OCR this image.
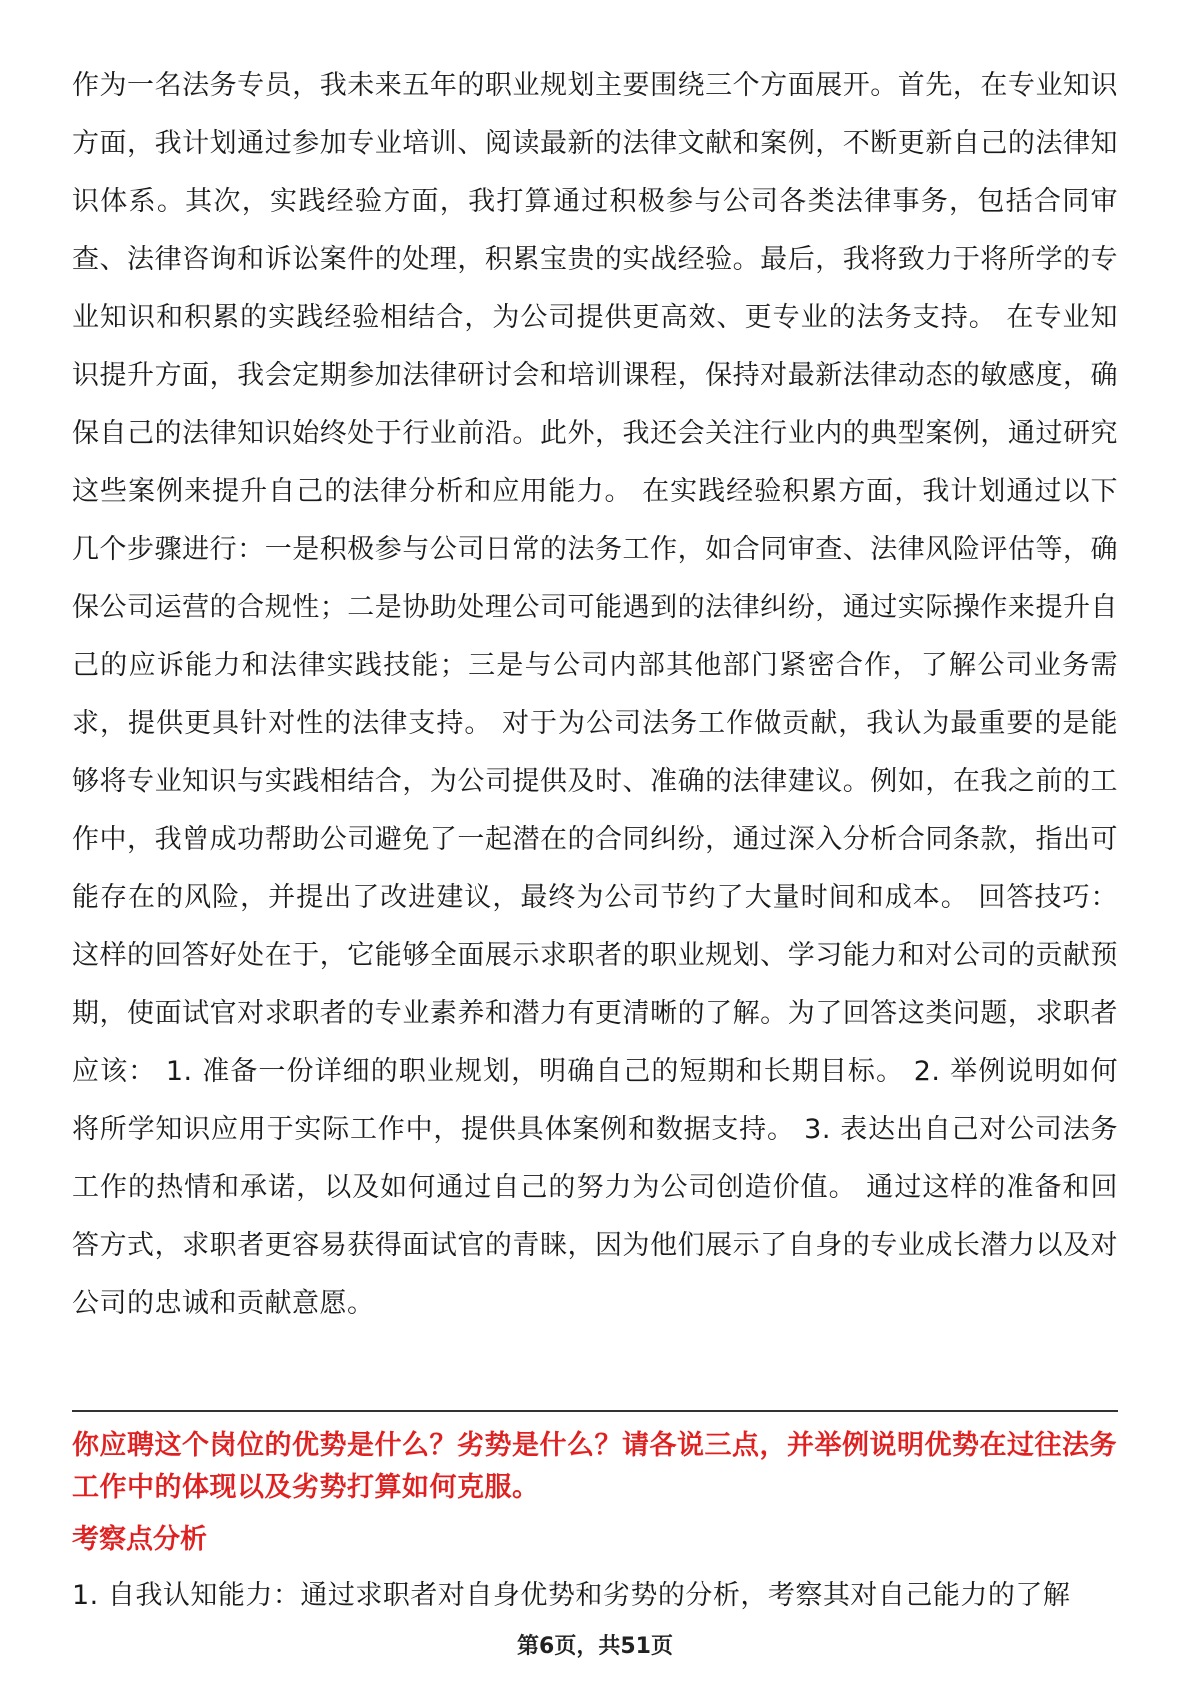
作为一名法务专员，我未来五年的职业规划主要围绕三个方面展开。首先，在专业知识方面，我计划通过参加专业培训、阅读最新的法律文献和案例，不断更新自己的法律知识体系。其次，实践经验方面，我打算通过积极参与公司各类法律事务，包括合同审查、法律咨询和诉讼案件的处理，积累宝贵的实战经验。最后，我将致力于将所学的专业知识和积累的实践经验相结合，为公司提供更高效、更专业的法务支持。 在专业知识提升方面，我会定期参加法律研讨会和培训课程，保持对最新法律动态的敏感度，确保自己的法律知识始终处于行业前沿。此外，我还会关注行业内的典型案例，通过研究这些案例来提升自己的法律分析和应用能力。 在实践经验积累方面，我计划通过以下几个步骤进行：一是积极参与公司日常的法务工作，如合同审查、法律风险评估等，确保公司运营的合规性；二是协助处理公司可能遇到的法律纠纷，通过实际操作来提升自己的应诉能力和法律实践技能；三是与公司内部其他部门紧密合作，了解公司业务需求，提供更具针对性的法律支持。 对于为公司法务工作做贡献，我认为最重要的是能够将专业知识与实践相结合，为公司提供及时、准确的法律建议。例如，在我之前的工作中，我曾成功帮助公司避免了一起潜在的合同纠纷，通过深入分析合同条款，指出可能存在的风险，并提出了改进建议，最终为公司节约了大量时间和成本。 回答技巧： 这样的回答好处在于，它能够全面展示求职者的职业规划、学习能力和对公司的贡献预期，使面试官对求职者的专业素养和潜力有更清晰的了解。为了回答这类问题，求职者应该： 1. 准备一份详细的职业规划，明确自己的短期和长期目标。 2. 举例说明如何将所学知识应用于实际工作中，提供具体案例和数据支持。 3. 表达出自己对公司法务工作的热情和承诺，以及如何通过自己的努力为公司创造价值。 通过这样的准备和回答方式，求职者更容易获得面试官的青睐，因为他们展示了自身的专业成长潜力以及对公司的忠诚和贡献意愿。

你应聘这个岗位的优势是什么？劣势是什么？请各说三点，并举例说明优势在过往法务工作中的体现以及劣势打算如何克服。

考察点分析

1. 自我认知能力：通过求职者对自身优势和劣势的分析，考察其对自己能力的了解

第6页，共51页
